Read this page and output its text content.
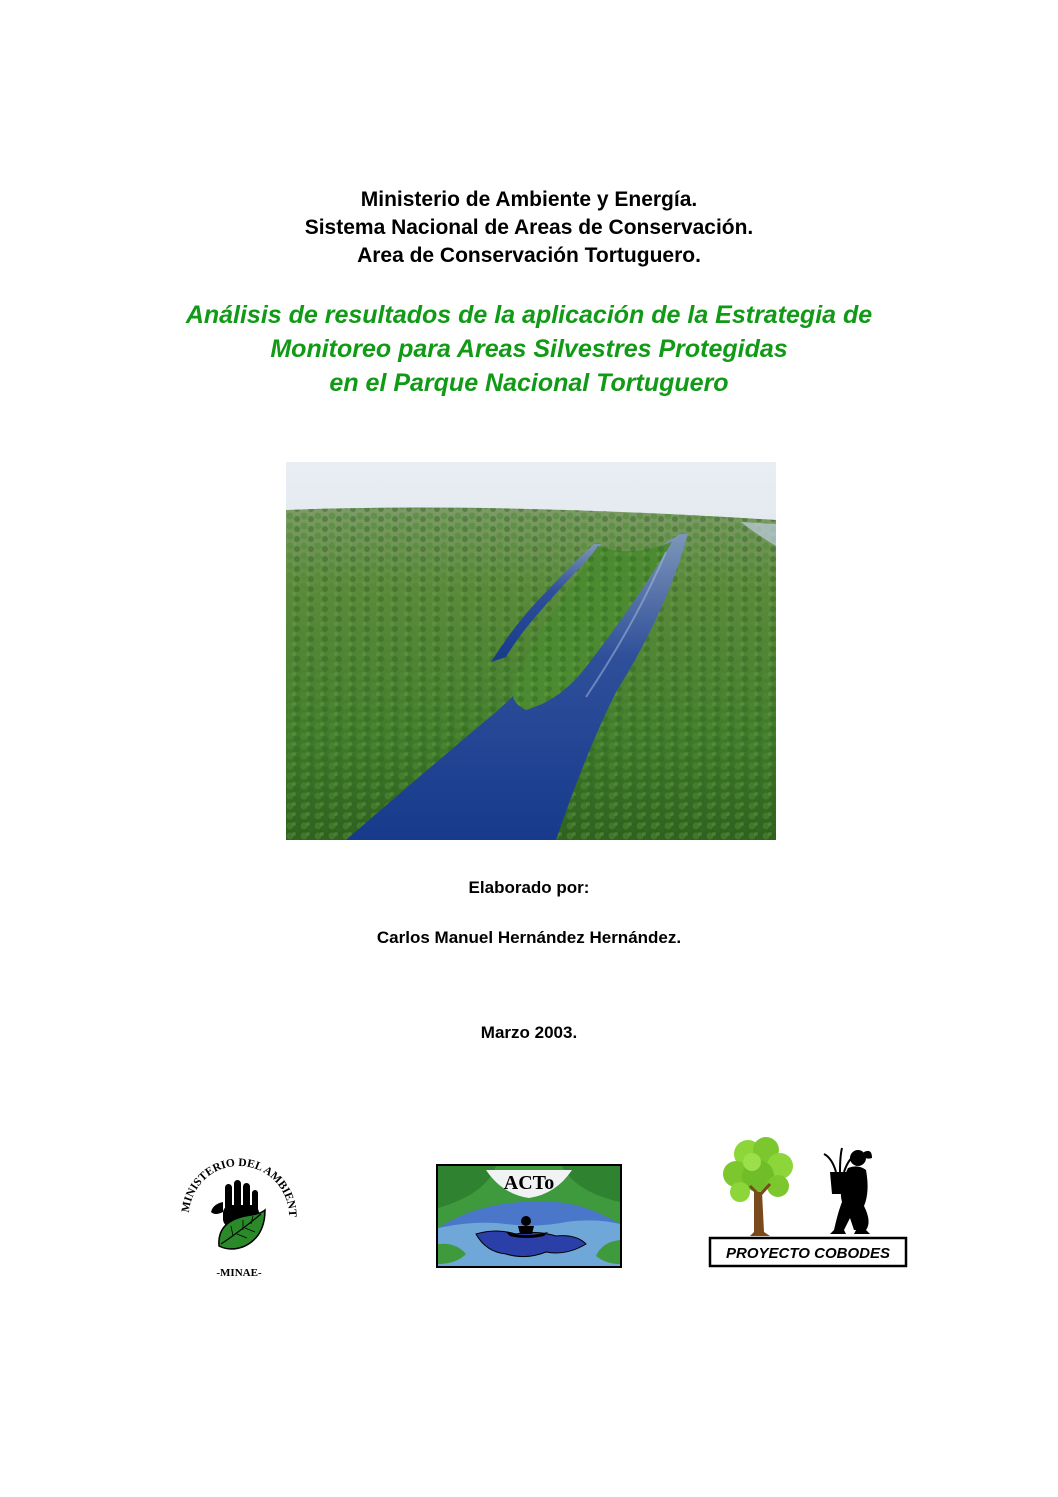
Ministerio de Ambiente y Energía.
Sistema Nacional de Areas de Conservación.
Area de Conservación Tortuguero.
Análisis de resultados de la aplicación de la Estrategia de
Monitoreo para Areas Silvestres Protegidas
en el Parque Nacional Tortuguero
Elaborado por:
Carlos Manuel Hernández Hernández.
Marzo 2003.
MINISTERIO DEL AMBIENT
-MINAE-
ACTo
PROYECTO COBODES
